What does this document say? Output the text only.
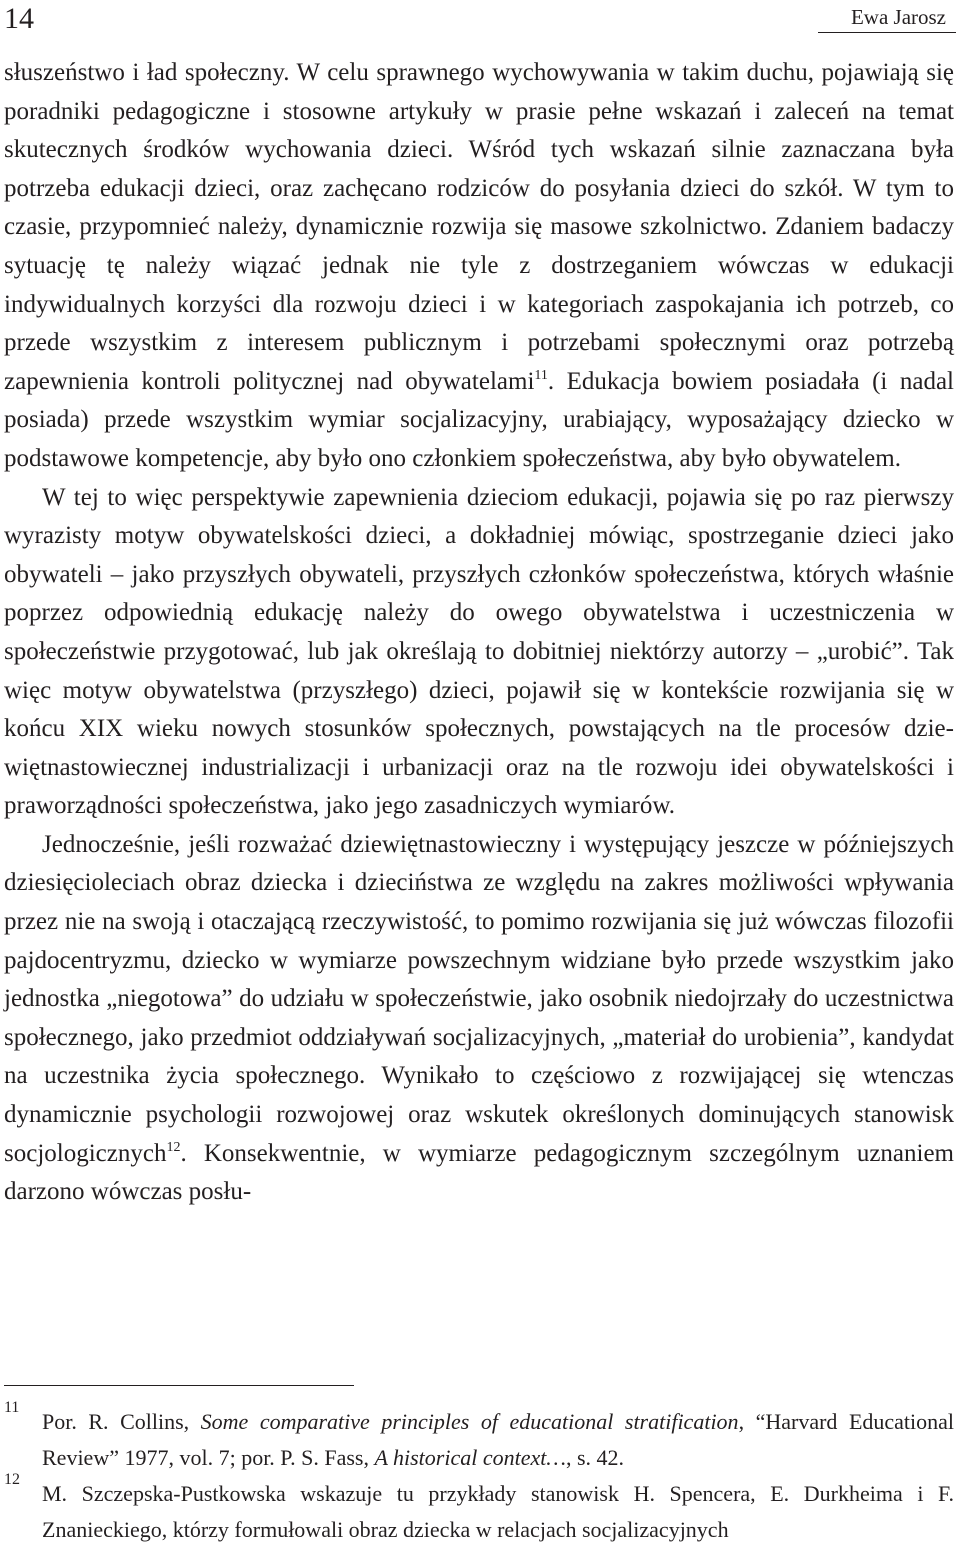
14	Ewa Jarosz

słuszeństwo i ład społeczny. W celu sprawnego wychowywania w takim duchu, pojawiają się poradniki pedagogiczne i stosowne artykuły w prasie pełne wskazań i zaleceń na temat skutecznych środków wychowania dzieci. Wśród tych wskazań silnie zaznaczana była potrzeba edukacji dzieci, oraz zachęcano rodziców do posyłania dzieci do szkół. W tym to czasie, przypomnieć należy, dynamicznie rozwija się masowe szkolnictwo. Zdaniem badaczy sytuację tę należy wiązać jednak nie tyle z dostrzeganiem wówczas w edukacji indywidualnych korzyści dla rozwoju dzieci i w kategoriach zaspokajania ich potrzeb, co przede wszystkim z interesem publicznym i potrzebami społecznymi oraz potrzebą zapewnienia kontroli politycznej nad obywatelami$^{11}$. Edukacja bowiem posiadała (i nadal posiada) przede wszystkim wymiar socjalizacyjny, urabiający, wyposażający dziecko w podstawowe kompetencje, aby było ono członkiem społeczeństwa, aby było obywatelem.

W tej to więc perspektywie zapewnienia dzieciom edukacji, pojawia się po raz pierwszy wyrazisty motyw obywatelskości dzieci, a dokładniej mówiąc, spostrzeganie dzieci jako obywateli – jako przyszłych obywateli, przyszłych członków społeczeństwa, których właśnie poprzez odpowiednią edukację należy do owego obywatelstwa i uczestniczenia w społeczeństwie przygotować, lub jak określają to dobitniej niektórzy autorzy – „urobić”. Tak więc motyw obywatelstwa (przyszłego) dzieci, pojawił się w kontekście rozwijania się w końcu XIX wieku nowych stosunków społecznych, powstających na tle procesów dziewiętnastowiecznej industrializacji i urbanizacji oraz na tle rozwoju idei obywatelskości i praworządności społeczeństwa, jako jego zasadniczych wymiarów.

Jednocześnie, jeśli rozważać dziewiętnastowieczny i występujący jeszcze w późniejszych dziesięcioleciach obraz dziecka i dzieciństwa ze względu na zakres możliwości wpływania przez nie na swoją i otaczającą rzeczywistość, to pomimo rozwijania się już wówczas filozofii pajdocentryzmu, dziecko w wymiarze powszechnym widziane było przede wszystkim jako jednostka „niegotowa” do udziału w społeczeństwie, jako osobnik niedojrzały do uczestnictwa społecznego, jako przedmiot oddziaływań socjalizacyjnych, „materiał do urobienia”, kandydat na uczestnika życia społecznego. Wynikało to częściowo z rozwijającej się wtenczas dynamicznie psychologii rozwojowej oraz wskutek określonych dominujących stanowisk socjologicznych$^{12}$. Konsekwentnie, w wymiarze pedagogicznym szczególnym uznaniem darzono wówczas posłu-

11
Por. R. Collins, Some comparative principles of educational stratification, “Harvard Educational Review” 1977, vol. 7; por. P. S. Fass, A historical context…, s. 42.
12
M. Szczepska-Pustkowska wskazuje tu przykłady stanowisk H. Spencera, E. Durkheima i F. Znanieckiego, którzy formułowali obraz dziecka w relacjach socjalizacyjnych
